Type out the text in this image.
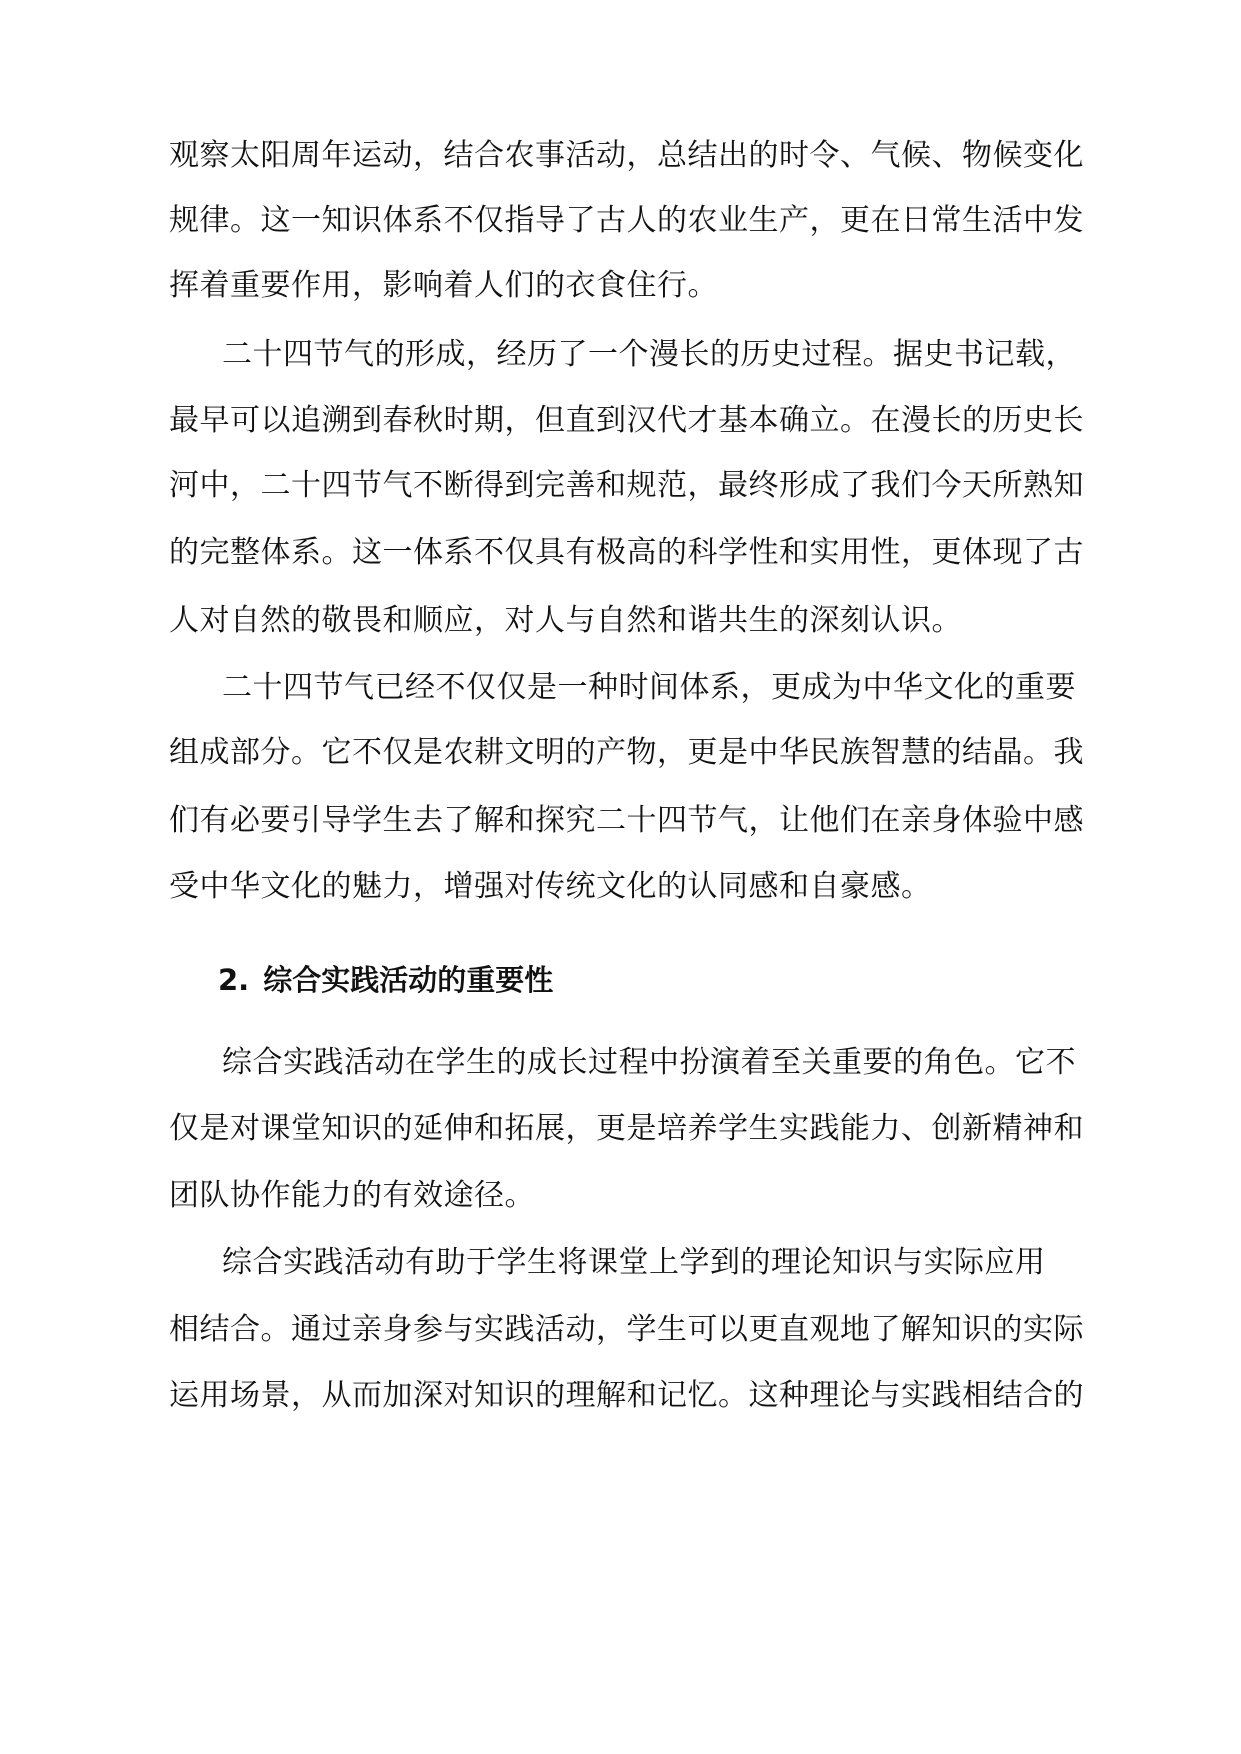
观察太阳周年运动，结合农事活动，总结出的时令、气候、物候变化
规律。这一知识体系不仅指导了古人的农业生产，更在日常生活中发
挥着重要作用，影响着人们的衣食住行。
二十四节气的形成，经历了一个漫长的历史过程。据史书记载，
最早可以追溯到春秋时期，但直到汉代才基本确立。在漫长的历史长
河中，二十四节气不断得到完善和规范，最终形成了我们今天所熟知
的完整体系。这一体系不仅具有极高的科学性和实用性，更体现了古
人对自然的敬畏和顺应，对人与自然和谐共生的深刻认识。
二十四节气已经不仅仅是一种时间体系，更成为中华文化的重要
组成部分。它不仅是农耕文明的产物，更是中华民族智慧的结晶。我
们有必要引导学生去了解和探究二十四节气，让他们在亲身体验中感
受中华文化的魅力，增强对传统文化的认同感和自豪感。
2. 综合实践活动的重要性
综合实践活动在学生的成长过程中扮演着至关重要的角色。它不
仅是对课堂知识的延伸和拓展，更是培养学生实践能力、创新精神和
团队协作能力的有效途径。
综合实践活动有助于学生将课堂上学到的理论知识与实际应用
相结合。通过亲身参与实践活动，学生可以更直观地了解知识的实际
运用场景，从而加深对知识的理解和记忆。这种理论与实践相结合的
